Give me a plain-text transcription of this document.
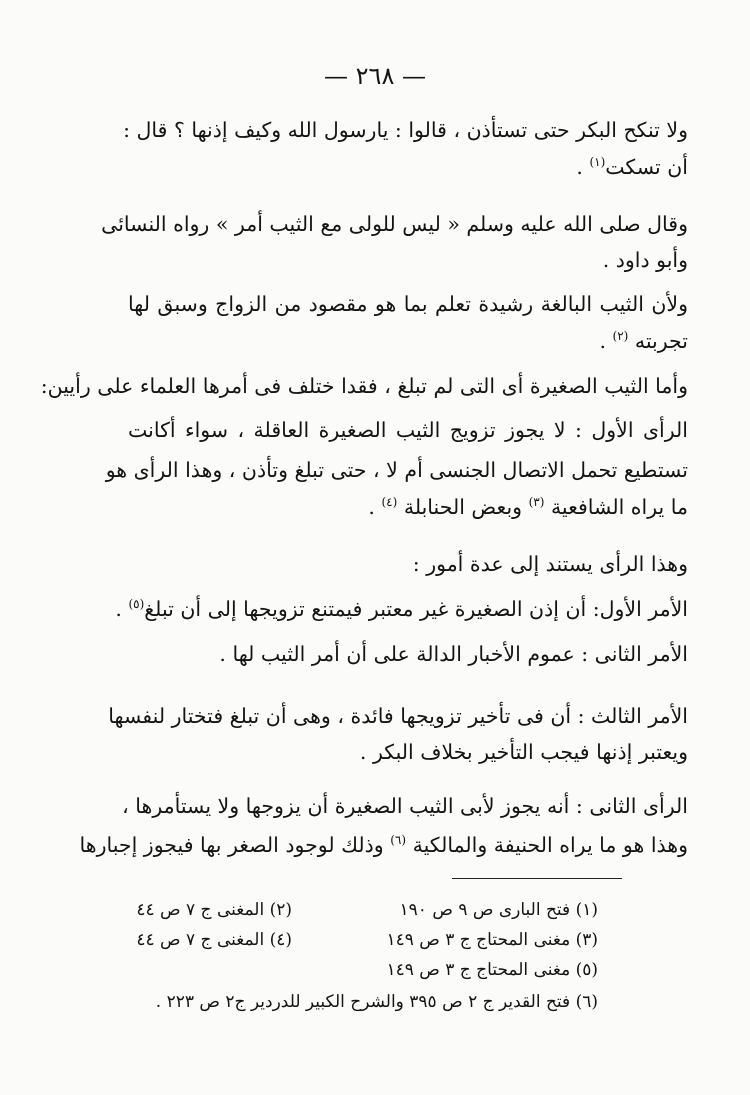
— ٢٦٨ —
ولا تنكح البكر حتى تستأذن ، قالوا : يارسول الله وكيف إذنها ؟ قال :
أن تسكت$^{(١)}$ .
وقال صلى الله عليه وسلم « ليس للولى مع الثيب أمر » رواه النسائى
وأبو داود .
ولأن الثيب البالغة رشيدة تعلم بما هو مقصود من الزواج وسبق لها
تجربته $^{(٢)}$ .
وأما الثيب الصغيرة أى التى لم تبلغ ، فقدا ختلف فى أمرها العلماء على رأيين:
الرأى الأول : لا يجوز تزويج الثيب الصغيرة العاقلة ، سواء أكانت
تستطيع تحمل الاتصال الجنسى أم لا ، حتى تبلغ وتأذن ، وهذا الرأى هو
ما يراه الشافعية $^{(٣)}$ وبعض الحنابلة $^{(٤)}$ .
وهذا الرأى يستند إلى عدة أمور :
الأمر الأول: أن إذن الصغيرة غير معتبر فيمتنع تزويجها إلى أن تبلغ$^{(٥)}$ .
الأمر الثانى : عموم الأخبار الدالة على أن أمر الثيب لها .
الأمر الثالث : أن فى تأخير تزويجها فائدة ، وهى أن تبلغ فتختار لنفسها
ويعتبر إذنها فيجب التأخير بخلاف البكر .
الرأى الثانى : أنه يجوز لأبى الثيب الصغيرة أن يزوجها ولا يستأمرها ،
وهذا هو ما يراه الحنيفة والمالكية $^{(٦)}$ وذلك لوجود الصغر بها فيجوز إجبارها
(١) فتح البارى ص ٩ ص ١٩٠
(٢) المغنى ج ٧ ص ٤٤
(٣) مغنى المحتاج ج ٣ ص ١٤٩
(٤) المغنى ج ٧ ص ٤٤
(٥) مغنى المحتاج ج ٣ ص ١٤٩
(٦) فتح القدير ج ٢ ص ٣٩٥ والشرح الكبير للدردير ج٢ ص ٢٢٣ .
